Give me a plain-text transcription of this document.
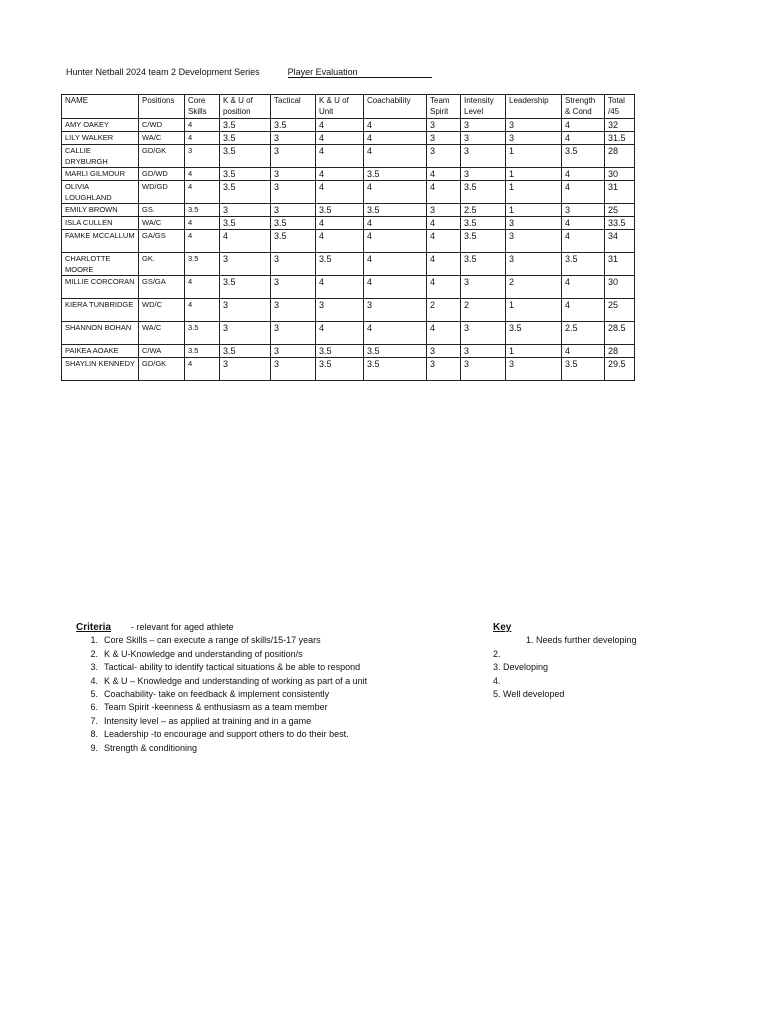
Hunter Netball 2024 team 2 Development Series	Player Evaluation
NAME	Positions	Core Skills	K & U of position	Tactical	K & U of Unit	Coachability	Team Spirit	Intensity Level	Leadership	Strength & Cond	Total /45
AMY OAKEY	C/WD	4	3.5	3.5	4	4	3	3	3	4	32
LILY WALKER	WA/C	4	3.5	3	4	4	3	3	3	4	31.5
CALLIE DRYBURGH	GD/GK	3	3.5	3	4	4	3	3	1	3.5	28
MARLI GILMOUR	GD/WD	4	3.5	3	4	3.5	4	3	1	4	30
OLIVIA LOUGHLAND	WD/GD	4	3.5	3	4	4	4	3.5	1	4	31
EMILY BROWN	GS.	3.5	3	3	3.5	3.5	3	2.5	1	3	25
ISLA CULLEN	WA/C	4	3.5	3.5	4	4	4	3.5	3	4	33.5
FAMKE MCCALLUM	GA/GS	4	4	3.5	4	4	4	3.5	3	4	34
CHARLOTTE MOORE	GK.	3.5	3	3	3.5	4	4	3.5	3	3.5	31
MILLIE CORCORAN	GS/GA	4	3.5	3	4	4	4	3	2	4	30
KIERA TUNBRIDGE	WD/C	4	3	3	3	3	2	2	1	4	25
SHANNON BOHAN	WA/C	3.5	3	3	4	4	4	3	3.5	2.5	28.5
PAIKEA AOAKE	C/WA	3.5	3.5	3	3.5	3.5	3	3	1	4	28
SHAYLIN KENNEDY	GD/GK	4	3	3	3.5	3.5	3	3	3	3.5	29.5
Criteria - relevant for aged athlete
1. Core Skills – can execute a range of skills/15-17 years
2. K & U-Knowledge and understanding of position/s
3. Tactical- ability to identify tactical situations & be able to respond
4. K & U – Knowledge and understanding of working as part of a unit
5. Coachability- take on feedback & implement consistently
6. Team Spirit -keenness & enthusiasm as a team member
7. Intensity level – as applied at training and in a game
8. Leadership -to encourage and support others to do their best.
9. Strength & conditioning
Key
1. Needs further developing
2.
3. Developing
4.
5. Well developed
